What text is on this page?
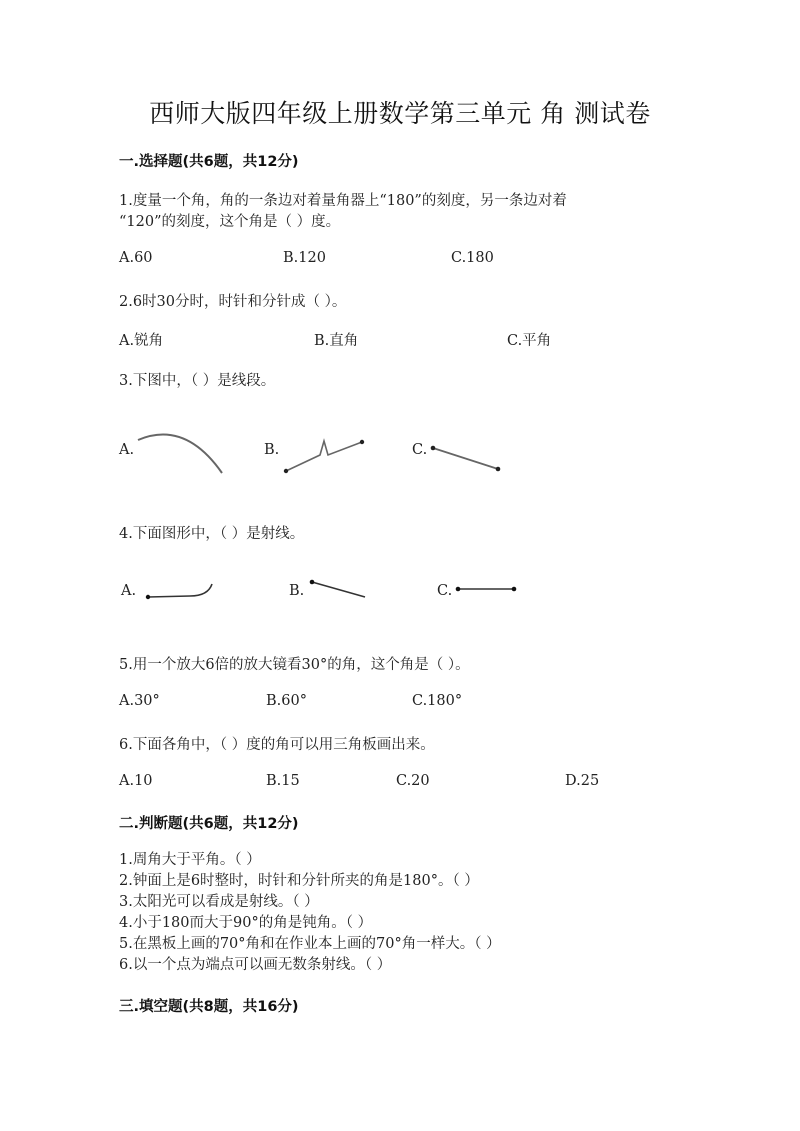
西师大版四年级上册数学第三单元 角 测试卷
一.选择题(共6题，共12分)
1.度量一个角，角的一条边对着量角器上“180”的刻度，另一条边对着
“120”的刻度，这个角是（ ）度。
A.60	B.120	C.180
2.6时30分时，时针和分针成（ ）。
A.锐角	B.直角	C.平角
3.下图中，（ ）是线段。
A.	B.	C.
4.下面图形中，（ ）是射线。
A.	B.	C.
5.用一个放大6倍的放大镜看30°的角，这个角是（ ）。
A.30°	B.60°	C.180°
6.下面各角中，（ ）度的角可以用三角板画出来。
A.10	B.15	C.20	D.25
二.判断题(共6题，共12分)
1.周角大于平角。（ ）
2.钟面上是6时整时，时针和分针所夹的角是180°。（ ）
3.太阳光可以看成是射线。（ ）
4.小于180而大于90°的角是钝角。（ ）
5.在黑板上画的70°角和在作业本上画的70°角一样大。（ ）
6.以一个点为端点可以画无数条射线。（ ）
三.填空题(共8题，共16分)
